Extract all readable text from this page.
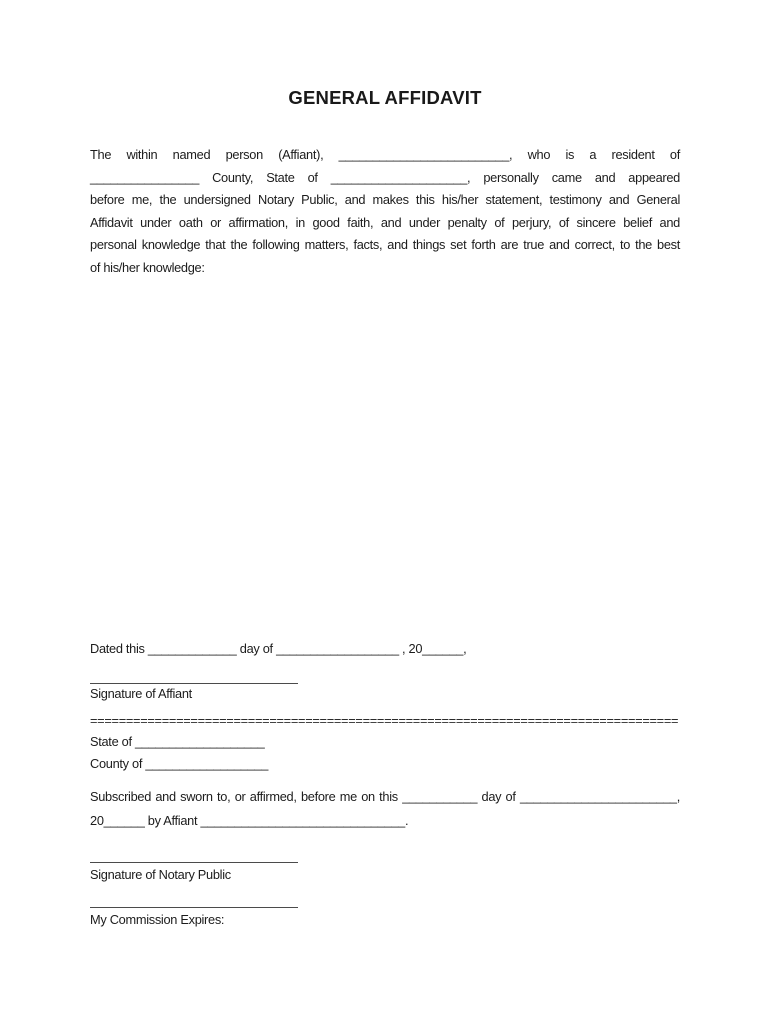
GENERAL AFFIDAVIT
The within named person (Affiant), _________________________, who is a resident of
________________ County, State of ____________________, personally came and appeared
before me, the undersigned Notary Public, and makes this his/her statement, testimony and General
Affidavit under oath or affirmation, in good faith, and under penalty of perjury, of sincere belief and
personal knowledge that the following matters, facts, and things set forth are true and correct, to the best
of his/her knowledge:
Dated this _____________ day of __________________ , 20______,
Signature of Affiant
==================================================================================
State of ___________________
County of __________________
Subscribed and sworn to, or affirmed, before me on this ___________ day of _______________________,
20______ by Affiant ______________________________.
Signature of Notary Public
My Commission Expires:
